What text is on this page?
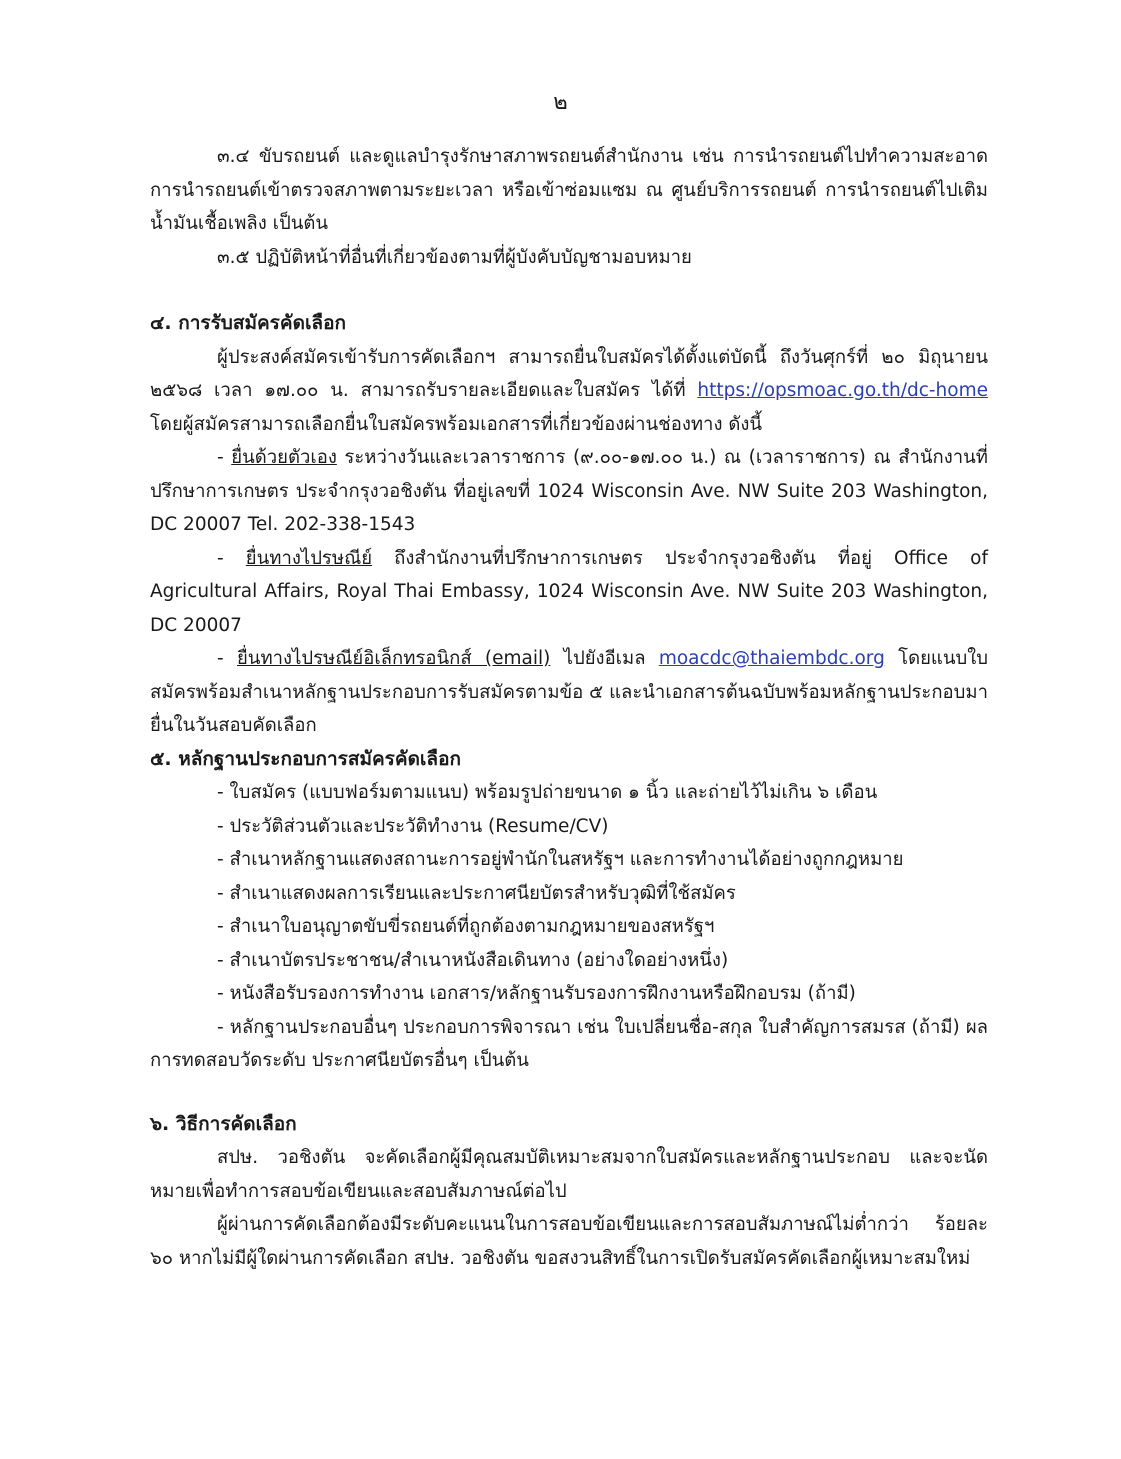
๒

๓.๔ ขับรถยนต์ และดูแลบำรุงรักษาสภาพรถยนต์สำนักงาน เช่น การนำรถยนต์ไปทำความสะอาด การนำรถยนต์เข้าตรวจสภาพตามระยะเวลา หรือเข้าซ่อมแซม ณ ศูนย์บริการรถยนต์ การนำรถยนต์ไปเติมน้ำมันเชื้อเพลิง เป็นต้น

๓.๕ ปฏิบัติหน้าที่อื่นที่เกี่ยวข้องตามที่ผู้บังคับบัญชามอบหมาย

๔. การรับสมัครคัดเลือก

ผู้ประสงค์สมัครเข้ารับการคัดเลือกฯ สามารถยื่นใบสมัครได้ตั้งแต่บัดนี้ ถึงวันศุกร์ที่ ๒๐ มิถุนายน ๒๕๖๘ เวลา ๑๗.๐๐ น. สามารถรับรายละเอียดและใบสมัคร ได้ที่ https://opsmoac.go.th/dc-home โดยผู้สมัครสามารถเลือกยื่นใบสมัครพร้อมเอกสารที่เกี่ยวข้องผ่านช่องทาง ดังนี้

- ยื่นด้วยตัวเอง ระหว่างวันและเวลาราชการ (๙.๐๐-๑๗.๐๐ น.) ณ (เวลาราชการ) ณ สำนักงานที่ปรึกษาการเกษตร ประจำกรุงวอชิงตัน ที่อยู่เลขที่ 1024 Wisconsin Ave. NW Suite 203 Washington, DC 20007 Tel. 202-338-1543

- ยื่นทางไปรษณีย์ ถึงสำนักงานที่ปรึกษาการเกษตร ประจำกรุงวอชิงตัน ที่อยู่ Office of Agricultural Affairs, Royal Thai Embassy, 1024 Wisconsin Ave. NW Suite 203 Washington, DC 20007

- ยื่นทางไปรษณีย์อิเล็กทรอนิกส์ (email) ไปยังอีเมล moacdc@thaiembdc.org โดยแนบใบสมัครพร้อมสำเนาหลักฐานประกอบการรับสมัครตามข้อ ๕ และนำเอกสารต้นฉบับพร้อมหลักฐานประกอบมายื่นในวันสอบคัดเลือก

๕. หลักฐานประกอบการสมัครคัดเลือก

- ใบสมัคร (แบบฟอร์มตามแนบ) พร้อมรูปถ่ายขนาด ๑ นิ้ว และถ่ายไว้ไม่เกิน ๖ เดือน

- ประวัติส่วนตัวและประวัติทำงาน (Resume/CV)

- สำเนาหลักฐานแสดงสถานะการอยู่พำนักในสหรัฐฯ และการทำงานได้อย่างถูกกฎหมาย

- สำเนาแสดงผลการเรียนและประกาศนียบัตรสำหรับวุฒิที่ใช้สมัคร

- สำเนาใบอนุญาตขับขี่รถยนต์ที่ถูกต้องตามกฎหมายของสหรัฐฯ

- สำเนาบัตรประชาชน/สำเนาหนังสือเดินทาง (อย่างใดอย่างหนึ่ง)

- หนังสือรับรองการทำงาน เอกสาร/หลักฐานรับรองการฝึกงานหรือฝึกอบรม (ถ้ามี)

- หลักฐานประกอบอื่นๆ ประกอบการพิจารณา เช่น ใบเปลี่ยนชื่อ-สกุล ใบสำคัญการสมรส (ถ้ามี) ผลการทดสอบวัดระดับ ประกาศนียบัตรอื่นๆ เป็นต้น

๖. วิธีการคัดเลือก

สปษ. วอชิงตัน จะคัดเลือกผู้มีคุณสมบัติเหมาะสมจากใบสมัครและหลักฐานประกอบ และจะนัดหมายเพื่อทำการสอบข้อเขียนและสอบสัมภาษณ์ต่อไป

ผู้ผ่านการคัดเลือกต้องมีระดับคะแนนในการสอบข้อเขียนและการสอบสัมภาษณ์ไม่ต่ำกว่า ร้อยละ ๖๐ หากไม่มีผู้ใดผ่านการคัดเลือก สปษ. วอชิงตัน ขอสงวนสิทธิ์ในการเปิดรับสมัครคัดเลือกผู้เหมาะสมใหม่
